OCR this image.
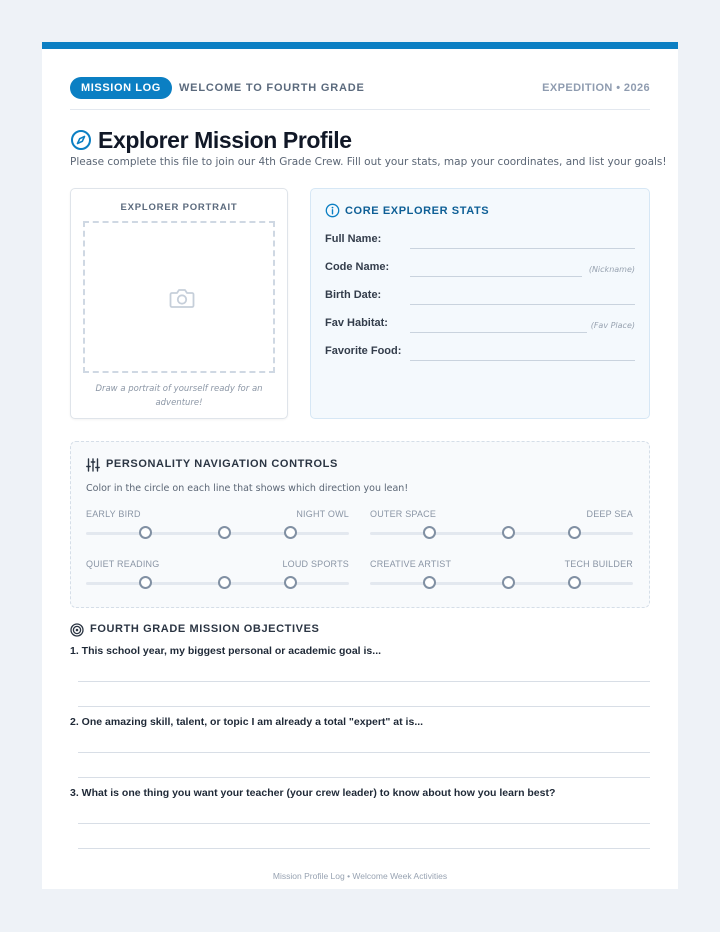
MISSION LOG	WELCOME TO FOURTH GRADE	EXPEDITION • 2026
Explorer Mission Profile
Please complete this file to join our 4th Grade Crew. Fill out your stats, map your coordinates, and list your goals!
EXPLORER PORTRAIT
Draw a portrait of yourself ready for an adventure!
CORE EXPLORER STATS
Full Name:
Code Name:	(Nickname)
Birth Date:
Fav Habitat:	(Fav Place)
Favorite Food:
PERSONALITY NAVIGATION CONTROLS
Color in the circle on each line that shows which direction you lean!
EARLY BIRD	NIGHT OWL OUTER SPACE	DEEP SEA
QUIET READING	LOUD SPORTS CREATIVE ARTIST	TECH BUILDER
FOURTH GRADE MISSION OBJECTIVES
1. This school year, my biggest personal or academic goal is...
2. One amazing skill, talent, or topic I am already a total "expert" at is...
3. What is one thing you want your teacher (your crew leader) to know about how you learn best?
Mission Profile Log • Welcome Week Activities
